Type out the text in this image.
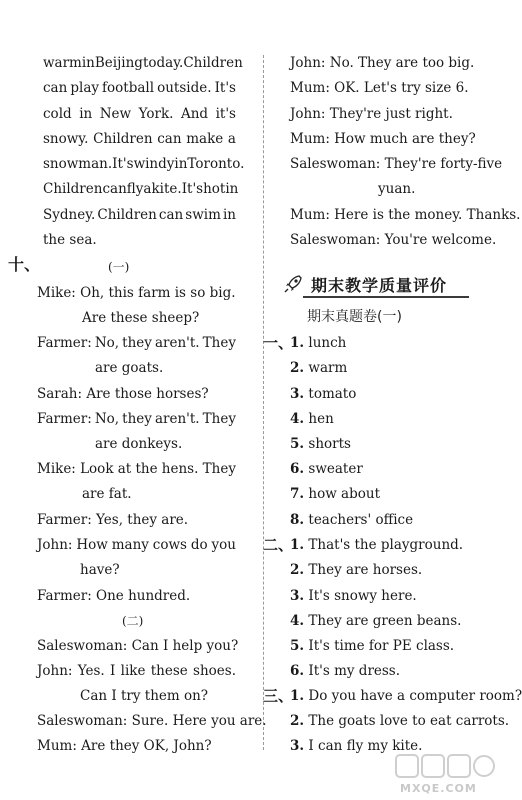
warm in Beijing today. Children
can play football outside. It's
cold in New York. And it's
snowy. Children can make a
snowman. It's windy in Toronto.
Children can fly a kite. It's hot in
Sydney. Children can swim in
the sea.
十、	(一)
Mike: Oh, this farm is so big.
Are these sheep?
Farmer: No, they aren't. They
are goats.
Sarah: Are those horses?
Farmer: No, they aren't. They
are donkeys.
Mike: Look at the hens. They
are fat.
Farmer: Yes, they are.
John: How many cows do you
have?
Farmer: One hundred.
(二)
Saleswoman: Can I help you?
John: Yes. I like these shoes.
Can I try them on?
Saleswoman: Sure. Here you are.
Mum: Are they OK, John?
John: No. They are too big.
Mum: OK. Let's try size 6.
John: They're just right.
Mum: How much are they?
Saleswoman: They're forty-five
yuan.
Mum: Here is the money. Thanks.
Saleswoman: You're welcome.
期末教学质量评价
期末真题卷(一)
一、
1. lunch
2. warm
3. tomato
4. hen
5. shorts
6. sweater
7. how about
8. teachers' office
二、
1. That's the playground.
2. They are horses.
3. It's snowy here.
4. They are green beans.
5. It's time for PE class.
6. It's my dress.
三、
1. Do you have a computer room?
2. The goats love to eat carrots.
3. I can fly my kite.
MXQE.COM
